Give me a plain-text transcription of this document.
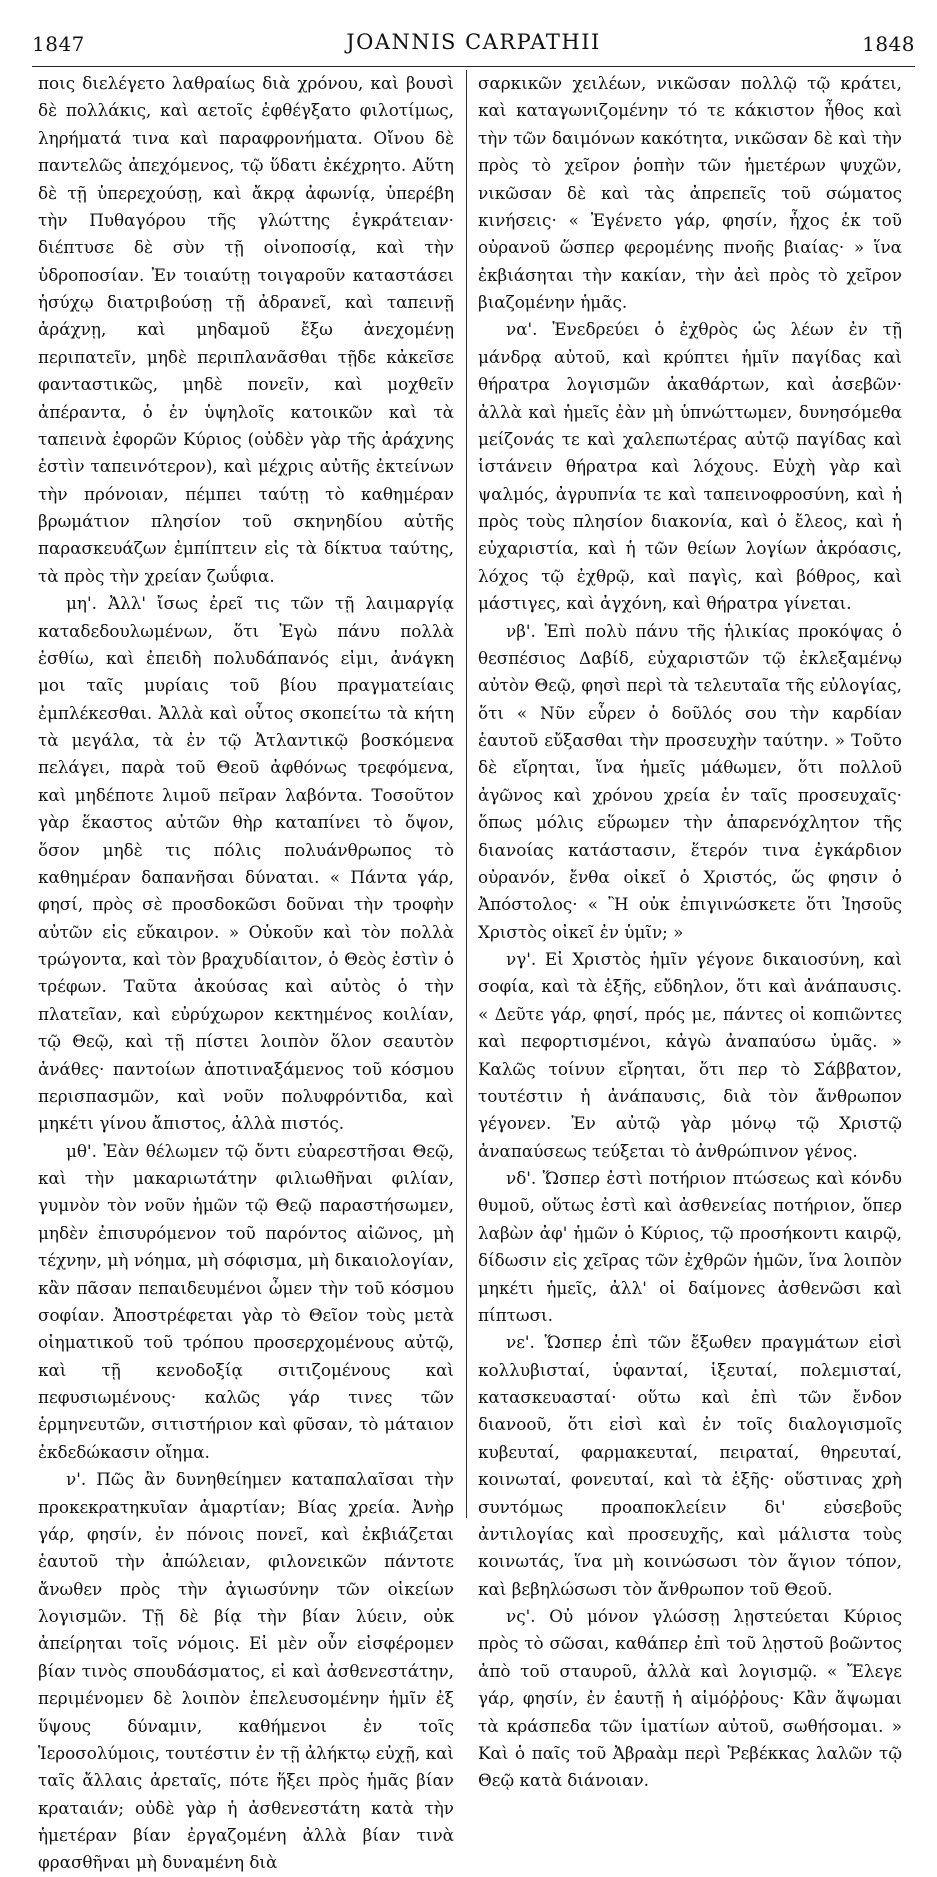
1847	JOANNIS CARPATHII	1848

ποις διελέγετο λαθραίως διὰ χρόνου, καὶ βουσὶ δὲ πολλάκις, καὶ αετοῖς ἐφθέγξατο φιλοτίμως, ληρήματά τινα καὶ παραφρονήματα. Οἴνου δὲ παντελῶς ἀπεχόμενος, τῷ ὕδατι ἐκέχρητο. Αὕτη δὲ τῇ ὑπερεχούσῃ, καὶ ἄκρᾳ ἀφωνίᾳ, ὑπερέβη τὴν Πυθαγόρου τῆς γλώττης ἐγκράτειαν· διέπτυσε δὲ σὺν τῇ οἰνοποσίᾳ, καὶ τὴν ὑδροποσίαν. Ἐν τοιαύτῃ τοιγαροῦν καταστάσει ἡσύχῳ διατριβούσῃ τῇ ἀδρανεῖ, καὶ ταπεινῇ ἀράχνῃ, καὶ μηδαμοῦ ἔξω ἀνεχομένῃ περιπατεῖν, μηδὲ περιπλανᾶσθαι τῇδε κἀκεῖσε φανταστικῶς, μηδὲ πονεῖν, καὶ μοχθεῖν ἀπέραντα, ὁ ἐν ὑψηλοῖς κατοικῶν καὶ τὰ ταπεινὰ ἐφορῶν Κύριος (οὐδὲν γὰρ τῆς ἀράχνης ἐστὶν ταπεινότερον), καὶ μέχρις αὐτῆς ἐκτείνων τὴν πρόνοιαν, πέμπει ταύτῃ τὸ καθημέραν βρωμάτιον πλησίον τοῦ σκηνηδίου αὐτῆς παρασκευάζων ἐμπίπτειν εἰς τὰ δίκτυα ταύτης, τὰ πρὸς τὴν χρείαν ζωΰφια.

μη'. Ἀλλ' ἴσως ἐρεῖ τις τῶν τῇ λαιμαργίᾳ καταδεδουλωμένων, ὅτι Ἐγὼ πάνυ πολλὰ ἐσθίω, καὶ ἐπειδὴ πολυδάπανός εἰμι, ἀνάγκη μοι ταῖς μυρίαις τοῦ βίου πραγματείαις ἐμπλέκεσθαι. Ἀλλὰ καὶ οὗτος σκοπείτω τὰ κήτη τὰ μεγάλα, τὰ ἐν τῷ Ἀτλαντικῷ βοσκόμενα πελάγει, παρὰ τοῦ Θεοῦ ἀφθόνως τρεφόμενα, καὶ μηδέποτε λιμοῦ πεῖραν λαβόντα. Τοσοῦτον γὰρ ἕκαστος αὐτῶν θὴρ καταπίνει τὸ ὄψον, ὅσον μηδὲ τις πόλις πολυάνθρωπος τὸ καθημέραν δαπανῆσαι δύναται. « Πάντα γάρ, φησί, πρὸς σὲ προσδοκῶσι δοῦναι τὴν τροφὴν αὐτῶν εἰς εὔκαιρον. » Οὐκοῦν καὶ τὸν πολλὰ τρώγοντα, καὶ τὸν βραχυδίαιτον, ὁ Θεὸς ἐστὶν ὁ τρέφων. Ταῦτα ἀκούσας καὶ αὐτὸς ὁ τὴν πλατεῖαν, καὶ εὐρύχωρον κεκτημένος κοιλίαν, τῷ Θεῷ, καὶ τῇ πίστει λοιπὸν ὅλον σεαυτὸν ἀνάθες· παντοίων ἀποτιναξάμενος τοῦ κόσμου περισπασμῶν, καὶ νοῦν πολυφρόντιδα, καὶ μηκέτι γίνου ἄπιστος, ἀλλὰ πιστός.

μθ'. Ἐὰν θέλωμεν τῷ ὄντι εὐαρεστῆσαι Θεῷ, καὶ τὴν μακαριωτάτην φιλιωθῆναι φιλίαν, γυμνὸν τὸν νοῦν ἡμῶν τῷ Θεῷ παραστήσωμεν, μηδὲν ἐπισυρόμενον τοῦ παρόντος αἰῶνος, μὴ τέχνην, μὴ νόημα, μὴ σόφισμα, μὴ δικαιολογίαν, κἂν πᾶσαν πεπαιδευμένοι ὦμεν τὴν τοῦ κόσμου σοφίαν. Ἀποστρέφεται γὰρ τὸ Θεῖον τοὺς μετὰ οἰηματικοῦ τοῦ τρόπου προσερχομένους αὐτῷ, καὶ τῇ κενοδοξίᾳ σιτιζομένους καὶ πεφυσιωμένους· καλῶς γάρ τινες τῶν ἑρμηνευτῶν, σιτιστήριον καὶ φῦσαν, τὸ μάταιον ἐκδεδώκασιν οἴημα.

ν'. Πῶς ἂν δυνηθείημεν καταπαλαῖσαι τὴν προκεκρατηκυῖαν ἁμαρτίαν; Βίας χρεία. Ἀνὴρ γάρ, φησίν, ἐν πόνοις πονεῖ, καὶ ἐκβιάζεται ἑαυτοῦ τὴν ἀπώλειαν, φιλονεικῶν πάντοτε ἄνωθεν πρὸς τὴν ἀγιωσύνην τῶν οἰκείων λογισμῶν. Τῇ δὲ βίᾳ τὴν βίαν λύειν, οὐκ ἀπείρηται τοῖς νόμοις. Εἰ μὲν οὖν εἰσφέρομεν βίαν τινὸς σπουδάσματος, εἰ καὶ ἀσθενεστάτην, περιμένομεν δὲ λοιπὸν ἐπελευσομένην ἡμῖν ἐξ ὕψους δύναμιν, καθήμενοι ἐν τοῖς Ἱεροσολύμοις, τουτέστιν ἐν τῇ ἀλήκτῳ εὐχῇ, καὶ ταῖς ἄλλαις ἀρεταῖς, πότε ἥξει πρὸς ἡμᾶς βίαν κραταιάν; οὐδὲ γὰρ ἡ ἀσθενεστάτη κατὰ τὴν ἡμετέραν βίαν ἐργαζομένη ἀλλὰ βίαν τινὰ φρασθῆναι μὴ δυναμένη διὰ

σαρκικῶν χειλέων, νικῶσαν πολλῷ τῷ κράτει, καὶ καταγωνιζομένην τό τε κάκιστον ἦθος καὶ τὴν τῶν δαιμόνων κακότητα, νικῶσαν δὲ καὶ τὴν πρὸς τὸ χεῖρον ῥοπὴν τῶν ἡμετέρων ψυχῶν, νικῶσαν δὲ καὶ τὰς ἀπρεπεῖς τοῦ σώματος κινήσεις· « Ἐγένετο γάρ, φησίν, ἦχος ἐκ τοῦ οὐρανοῦ ὥσπερ φερομένης πνοῆς βιαίας· » ἵνα ἐκβιάσηται τὴν κακίαν, τὴν ἀεὶ πρὸς τὸ χεῖρον βιαζομένην ἡμᾶς.

να'. Ἐνεδρεύει ὁ ἐχθρὸς ὡς λέων ἐν τῇ μάνδρᾳ αὐτοῦ, καὶ κρύπτει ἡμῖν παγίδας καὶ θήρατρα λογισμῶν ἀκαθάρτων, καὶ ἀσεβῶν· ἀλλὰ καὶ ἡμεῖς ἐὰν μὴ ὑπνώττωμεν, δυνησόμεθα μείζονάς τε καὶ χαλεπωτέρας αὐτῷ παγίδας καὶ ἱστάνειν θήρατρα καὶ λόχους. Εὐχὴ γὰρ καὶ ψαλμός, ἀγρυπνία τε καὶ ταπεινοφροσύνη, καὶ ἡ πρὸς τοὺς πλησίον διακονία, καὶ ὁ ἔλεος, καὶ ἡ εὐχαριστία, καὶ ἡ τῶν θείων λογίων ἀκρόασις, λόχος τῷ ἐχθρῷ, καὶ παγὶς, καὶ βόθρος, καὶ μάστιγες, καὶ ἀγχόνη, καὶ θήρατρα γίνεται.

νβ'. Ἐπὶ πολὺ πάνυ τῆς ἡλικίας προκόψας ὁ θεσπέσιος Δαβίδ, εὐχαριστῶν τῷ ἐκλεξαμένῳ αὐτὸν Θεῷ, φησὶ περὶ τὰ τελευταῖα τῆς εὐλογίας, ὅτι « Νῦν εὗρεν ὁ δοῦλός σου τὴν καρδίαν ἑαυτοῦ εὔξασθαι τὴν προσευχὴν ταύτην. » Τοῦτο δὲ εἴρηται, ἵνα ἡμεῖς μάθωμεν, ὅτι πολλοῦ ἀγῶνος καὶ χρόνου χρεία ἐν ταῖς προσευχαῖς· ὅπως μόλις εὕρωμεν τὴν ἀπαρενόχλητον τῆς διανοίας κατάστασιν, ἕτερόν τινα ἐγκάρδιον οὐρανόν, ἔνθα οἰκεῖ ὁ Χριστός, ὥς φησιν ὁ Ἀπόστολος· « Ἢ οὐκ ἐπιγινώσκετε ὅτι Ἰησοῦς Χριστὸς οἰκεῖ ἐν ὑμῖν; »

νγ'. Εἰ Χριστὸς ἡμῖν γέγονε δικαιοσύνη, καὶ σοφία, καὶ τὰ ἑξῆς, εὔδηλον, ὅτι καὶ ἀνάπαυσις. « Δεῦτε γάρ, φησί, πρός με, πάντες οἱ κοπιῶντες καὶ πεφορτισμένοι, κἀγὼ ἀναπαύσω ὑμᾶς. » Καλῶς τοίνυν εἴρηται, ὅτι περ τὸ Σάββατον, τουτέστιν ἡ ἀνάπαυσις, διὰ τὸν ἄνθρωπον γέγονεν. Ἐν αὐτῷ γὰρ μόνῳ τῷ Χριστῷ ἀναπαύσεως τεύξεται τὸ ἀνθρώπινον γένος.

νδ'. Ὥσπερ ἐστὶ ποτήριον πτώσεως καὶ κόνδυ θυμοῦ, οὕτως ἐστὶ καὶ ἀσθενείας ποτήριον, ὅπερ λαβὼν ἀφ' ἡμῶν ὁ Κύριος, τῷ προσήκοντι καιρῷ, δίδωσιν εἰς χεῖρας τῶν ἐχθρῶν ἡμῶν, ἵνα λοιπὸν μηκέτι ἡμεῖς, ἀλλ' οἱ δαίμονες ἀσθενῶσι καὶ πίπτωσι.

νε'. Ὥσπερ ἐπὶ τῶν ἔξωθεν πραγμάτων εἰσὶ κολλυβισταί, ὑφανταί, ἱξευταί, πολεμισταί, κατασκευασταί· οὕτω καὶ ἐπὶ τῶν ἔνδον διανοοῦ, ὅτι εἰσὶ καὶ ἐν τοῖς διαλογισμοῖς κυβευταί, φαρμακευταί, πειραταί, θηρευταί, κοινωταί, φονευταί, καὶ τὰ ἑξῆς· οὕστινας χρὴ συντόμως προαποκλείειν δι' εὐσεβοῦς ἀντιλογίας καὶ προσευχῆς, καὶ μάλιστα τοὺς κοινωτάς, ἵνα μὴ κοινώσωσι τὸν ἅγιον τόπον, καὶ βεβηλώσωσι τὸν ἄνθρωπον τοῦ Θεοῦ.

νς'. Οὐ μόνον γλώσσῃ λῃστεύεται Κύριος πρὸς τὸ σῶσαι, καθάπερ ἐπὶ τοῦ λῃστοῦ βοῶντος ἀπὸ τοῦ σταυροῦ, ἀλλὰ καὶ λογισμῷ. « Ἔλεγε γάρ, φησίν, ἐν ἑαυτῇ ἡ αἱμόῤῥους· Κἂν ἅψωμαι τὰ κράσπεδα τῶν ἱματίων αὐτοῦ, σωθήσομαι. » Καὶ ὁ παῖς τοῦ Ἀβραὰμ περὶ Ῥεβέκκας λαλῶν τῷ Θεῷ κατὰ διάνοιαν.
